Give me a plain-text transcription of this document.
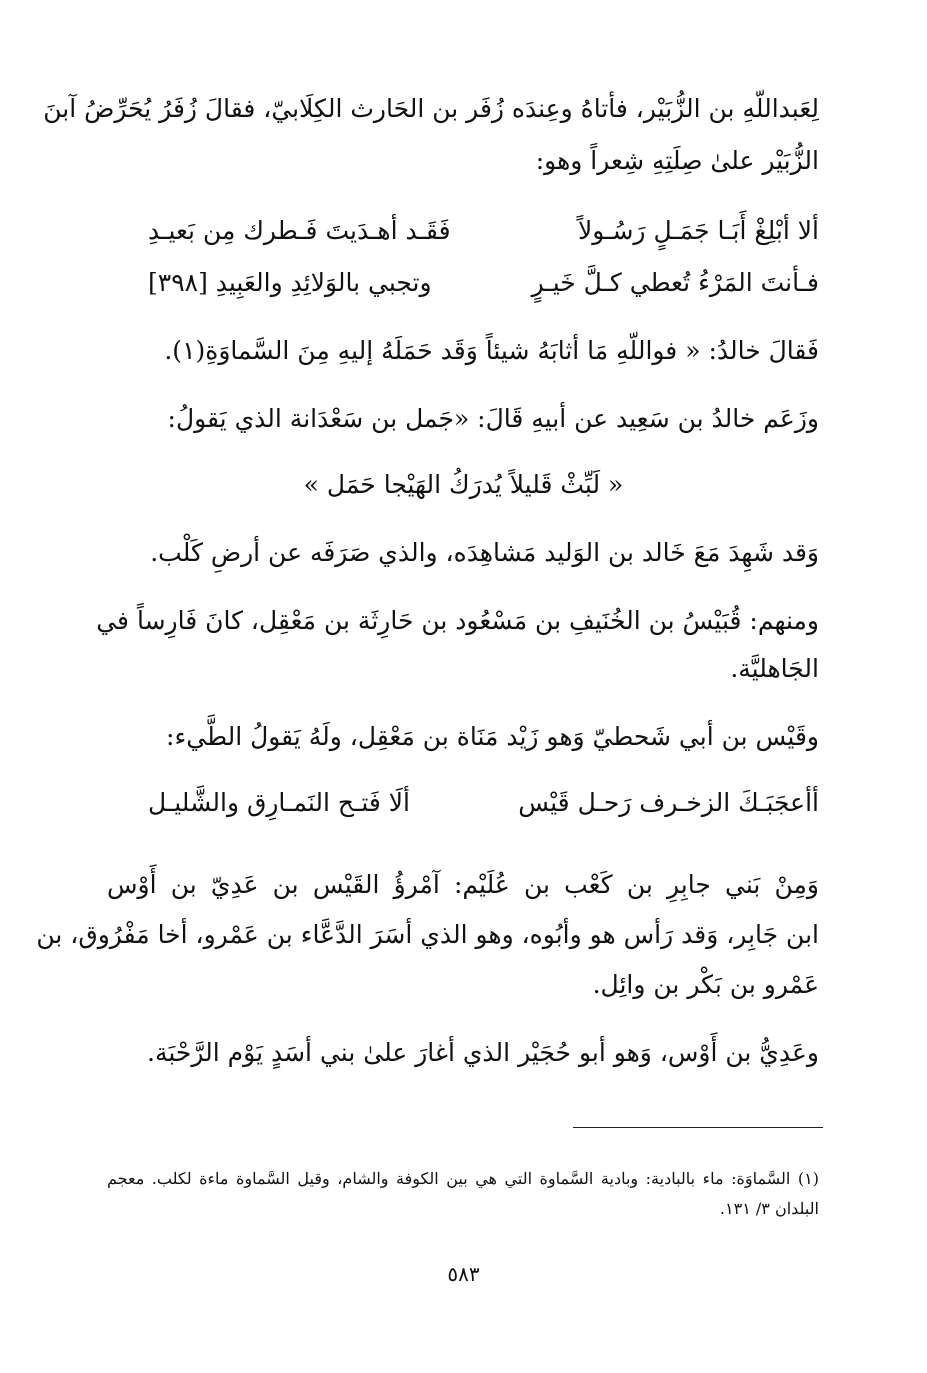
لِعَبداللّهِ بن الزُّبَيْر، فأتاهُ وعِندَه زُفَر بن الحَارث الكِلَابيّ، فقالَ زُفَرُ يُحَرِّضُ آبنَ

الزُّبَيْر علىٰ صِلَتِهِ شِعراً وهو:

ألا أبْلِغْ أَبَـا جَمَـلٍ رَسُـولاً

فَقَـد أهـدَيتَ فَـطرك مِن بَعيـدِ

فـأنتَ المَرْءُ تُعطي كـلَّ خَيـرٍ

وتجبي بالوَلائِدِ والعَبِيدِ [٣٩٨]

فَقالَ خالدُ: « فواللّهِ مَا أثابَهُ شيئاً وَقَد حَمَلَهُ إليهِ مِنَ السَّماوَةِ(١).

وزَعَم خالدُ بن سَعِيد عن أبيهِ قَالَ: «جَمل بن سَعْدَانة الذي يَقولُ:

« لَبِّثْ قَليلاً يُدرَكُ الهَيْجا حَمَل »

وَقد شَهِدَ مَعَ خَالد بن الوَليد مَشاهِدَه، والذي صَرَفَه عن أرضِ كَلْب.

ومنهم: قُبَيْسُ بن الخُنَيفِ بن مَسْعُود بن حَارِثَة بن مَعْقِل، كانَ فَارِساً في

الجَاهليَّة.

وقَيْس بن أبي شَحطيّ وَهو زَيْد مَنَاة بن مَعْقِل، ولَهُ يَقولُ الطَّيء:

أأعجَبَـكَ الزخـرف رَحـل قَيْس

ألَا فَتـح النَمـارِق والشَّليـل

وَمِنْ بَني جابِرِ بن كَعْب بن عُلَيْم: آمْرؤُ القَيْس بن عَدِيّ بن أَوْس

ابن جَابِر، وَقد رَأس هو وأبُوه، وهو الذي أسَرَ الدَّعَّاء بن عَمْرو، أخا مَفْرُوق، بن

عَمْرو بن بَكْر بن وائِل.

وعَدِيُّ بن أَوْس، وَهو أبو حُجَيْر الذي أغارَ علىٰ بني أسَدٍ يَوْم الرَّحْبَة.

(١) السَّماوَة: ماء بالبادية: وبادية السَّماوة التي هي بين الكوفة والشام، وقيل السَّماوة ماءة لكلب. معجم

البلدان ٣/ ١٣١.

٥٨٣
